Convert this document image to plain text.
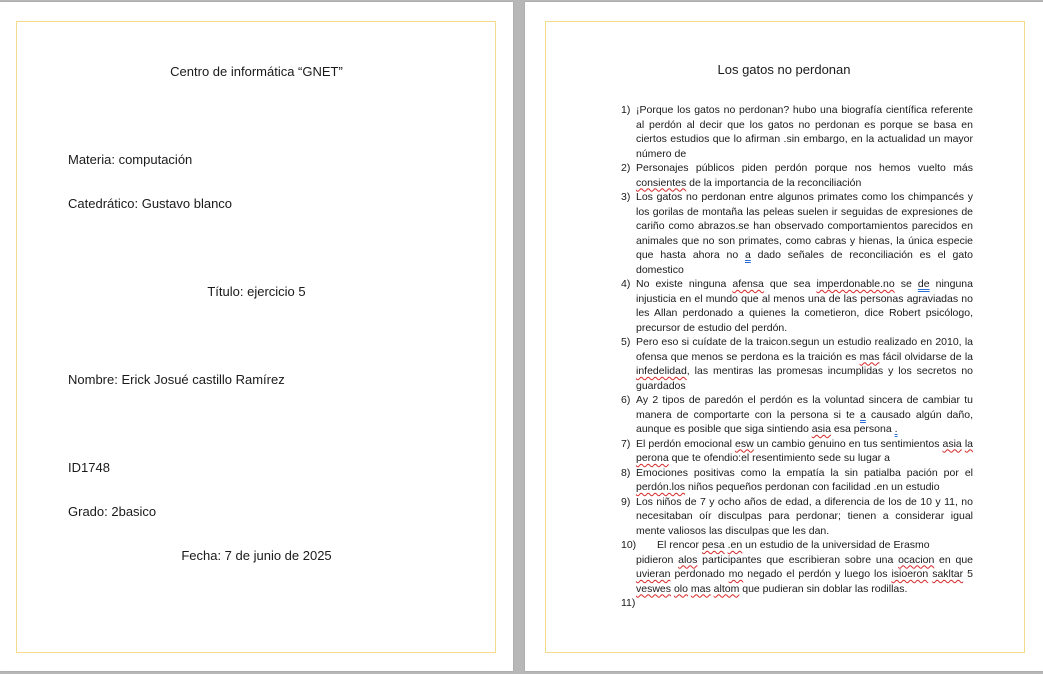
Centro de informática “GNET”
Materia: computación
Catedrático: Gustavo blanco
Título: ejercicio 5
Nombre: Erick Josué castillo Ramírez
ID1748
Grado: 2basico
Fecha: 7 de junio de 2025
Los gatos no perdonan
1) ¡Porque los gatos no perdonan? hubo una biografía científica referente al perdón al decir que los gatos no perdonan es porque se basa en ciertos estudios que lo afirman .sin embargo, en la actualidad un mayor número de
2) Personajes públicos piden perdón porque nos hemos vuelto más consientes de la importancia de la reconciliación
3) Los gatos no perdonan entre algunos primates como los chimpancés y los gorilas de montaña las peleas suelen ir seguidas de expresiones de cariño como abrazos.se han observado comportamientos parecidos en animales que no son primates, como cabras y hienas, la única especie que hasta ahora no a dado señales de reconciliación es el gato domestico
4) No existe ninguna afensa que sea imperdonable.no se de ninguna injusticia en el mundo que al menos una de las personas agraviadas no les Allan perdonado a quienes la cometieron, dice Robert psicólogo, precursor de estudio del perdón.
5) Pero eso si cuídate de la traicon.segun un estudio realizado en 2010, la ofensa que menos se perdona es la traición es mas fácil olvidarse de la infedelidad, las mentiras las promesas incumplidas y los secretos no guardados
6) Ay 2 tipos de paredón el perdón es la voluntad sincera de cambiar tu manera de comportarte con la persona si te a causado algún daño, aunque es posible que siga sintiendo asia esa persona .
7) El perdón emocional esw un cambio genuino en tus sentimientos asia la perona que te ofendio:el resentimiento sede su lugar a
8) Emociones positivas como la empatía la sin patialba pación por el perdón.los niños pequeños perdonan con facilidad .en un estudio
9) Los niños de 7 y ocho años de edad, a diferencia de los de 10 y 11, no necesitaban oír disculpas para perdonar; tienen a considerar igual mente valiosos las disculpas que les dan.
10) El rencor pesa .en un estudio de la universidad de Erasmo
pidieron alos participantes que escribieran sobre una ocacion en que uvieran perdonado mo negado el perdón y luego los isioeron sakltar 5 veswes olo mas altom que pudieran sin doblar las rodillas.
11)
